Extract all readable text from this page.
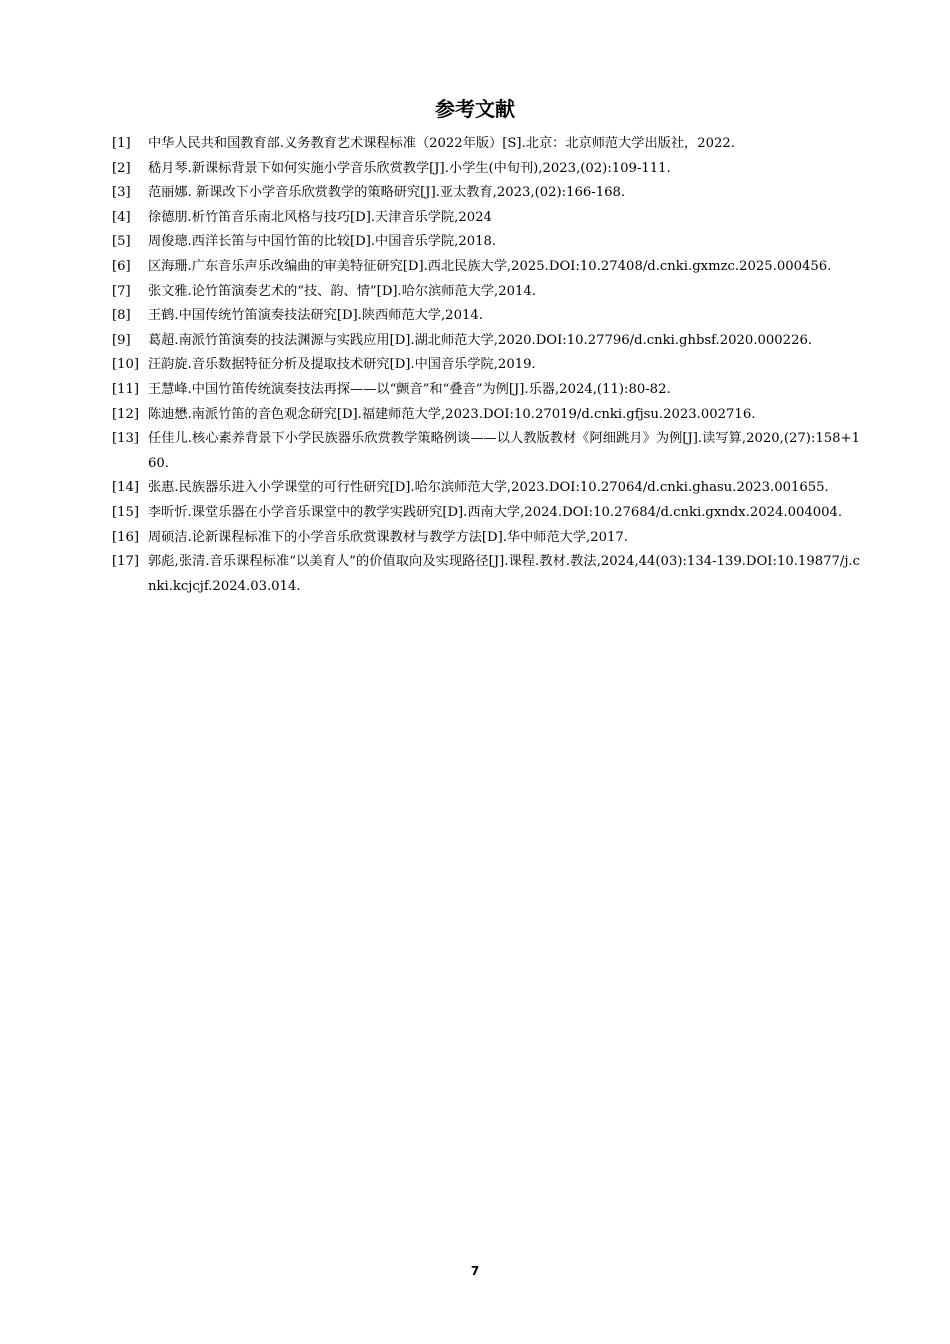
参考文献
[1] 中华人民共和国教育部.义务教育艺术课程标准（2022年版）[S].北京：北京师范大学出版社，2022.
[2] 嵇月琴.新课标背景下如何实施小学音乐欣赏教学[J].小学生(中旬刊),2023,(02):109-111.
[3] 范丽娜. 新课改下小学音乐欣赏教学的策略研究[J].亚太教育,2023,(02):166-168.
[4] 徐德朋.析竹笛音乐南北风格与技巧[D].天津音乐学院,2024
[5] 周俊璁.西洋长笛与中国竹笛的比较[D].中国音乐学院,2018.
[6] 区海珊.广东音乐声乐改编曲的审美特征研究[D].西北民族大学,2025.DOI:10.27408/d.cnki.gxmzc.2025.000456.
[7] 张文雅.论竹笛演奏艺术的“技、韵、情”[D].哈尔滨师范大学,2014.
[8] 王鹤.中国传统竹笛演奏技法研究[D].陕西师范大学,2014.
[9] 葛超.南派竹笛演奏的技法渊源与实践应用[D].湖北师范大学,2020.DOI:10.27796/d.cnki.ghbsf.2020.000226.
[10] 汪韵旋.音乐数据特征分析及提取技术研究[D].中国音乐学院,2019.
[11] 王慧峰.中国竹笛传统演奏技法再探——以“颤音”和“叠音”为例[J].乐器,2024,(11):80-82.
[12] 陈迪懋.南派竹笛的音色观念研究[D].福建师范大学,2023.DOI:10.27019/d.cnki.gfjsu.2023.002716.
[13] 任佳儿.核心素养背景下小学民族器乐欣赏教学策略例谈——以人教版教材《阿细跳月》为例[J].读写算,2020,(27):158+160.
[14] 张惠.民族器乐进入小学课堂的可行性研究[D].哈尔滨师范大学,2023.DOI:10.27064/d.cnki.ghasu.2023.001655.
[15] 李昕忻.课堂乐器在小学音乐课堂中的教学实践研究[D].西南大学,2024.DOI:10.27684/d.cnki.gxndx.2024.004004.
[16] 周硕洁.论新课程标准下的小学音乐欣赏课教材与教学方法[D].华中师范大学,2017.
[17] 郭彪,张清.音乐课程标准“以美育人”的价值取向及实现路径[J].课程.教材.教法,2024,44(03):134-139.DOI:10.19877/j.cnki.kcjcjf.2024.03.014.
7
